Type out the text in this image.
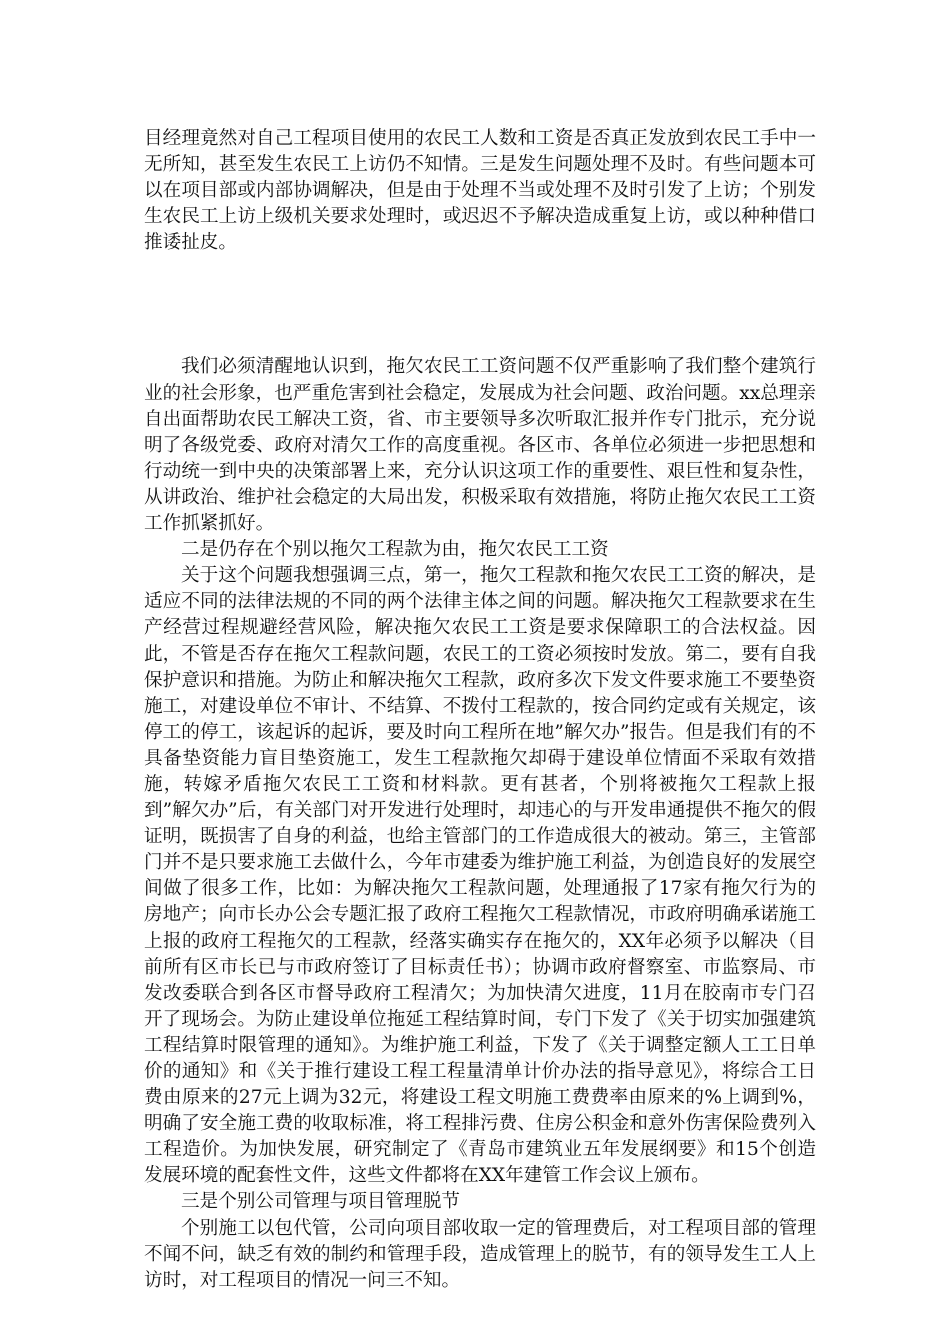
目经理竟然对自己工程项目使用的农民工人数和工资是否真正发放到农民工手中一无所知，甚至发生农民工上访仍不知情。三是发生问题处理不及时。有些问题本可以在项目部或内部协调解决，但是由于处理不当或处理不及时引发了上访；个别发生农民工上访上级机关要求处理时，或迟迟不予解决造成重复上访，或以种种借口推诿扯皮。

我们必须清醒地认识到，拖欠农民工工资问题不仅严重影响了我们整个建筑行业的社会形象，也严重危害到社会稳定，发展成为社会问题、政治问题。xx总理亲自出面帮助农民工解决工资，省、市主要领导多次听取汇报并作专门批示，充分说明了各级党委、政府对清欠工作的高度重视。各区市、各单位必须进一步把思想和行动统一到中央的决策部署上来，充分认识这项工作的重要性、艰巨性和复杂性，从讲政治、维护社会稳定的大局出发，积极采取有效措施，将防止拖欠农民工工资工作抓紧抓好。

二是仍存在个别以拖欠工程款为由，拖欠农民工工资

关于这个问题我想强调三点，第一，拖欠工程款和拖欠农民工工资的解决，是适应不同的法律法规的不同的两个法律主体之间的问题。解决拖欠工程款要求在生产经营过程规避经营风险，解决拖欠农民工工资是要求保障职工的合法权益。因此，不管是否存在拖欠工程款问题，农民工的工资必须按时发放。第二，要有自我保护意识和措施。为防止和解决拖欠工程款，政府多次下发文件要求施工不要垫资施工，对建设单位不审计、不结算、不拨付工程款的，按合同约定或有关规定，该停工的停工，该起诉的起诉，要及时向工程所在地”解欠办”报告。但是我们有的不具备垫资能力盲目垫资施工，发生工程款拖欠却碍于建设单位情面不采取有效措施，转嫁矛盾拖欠农民工工资和材料款。更有甚者，个别将被拖欠工程款上报到”解欠办”后，有关部门对开发进行处理时，却违心的与开发串通提供不拖欠的假证明，既损害了自身的利益，也给主管部门的工作造成很大的被动。第三，主管部门并不是只要求施工去做什么，今年市建委为维护施工利益，为创造良好的发展空间做了很多工作，比如：为解决拖欠工程款问题，处理通报了17家有拖欠行为的房地产；向市长办公会专题汇报了政府工程拖欠工程款情况，市政府明确承诺施工上报的政府工程拖欠的工程款，经落实确实存在拖欠的，XX年必须予以解决（目前所有区市长已与市政府签订了目标责任书）；协调市政府督察室、市监察局、市发改委联合到各区市督导政府工程清欠；为加快清欠进度，11月在胶南市专门召开了现场会。为防止建设单位拖延工程结算时间，专门下发了《关于切实加强建筑工程结算时限管理的通知》。为维护施工利益，下发了《关于调整定额人工工日单价的通知》和《关于推行建设工程工程量清单计价办法的指导意见》，将综合工日费由原来的27元上调为32元，将建设工程文明施工费费率由原来的%上调到%，明确了安全施工费的收取标准，将工程排污费、住房公积金和意外伤害保险费列入工程造价。为加快发展，研究制定了《青岛市建筑业五年发展纲要》和15个创造发展环境的配套性文件，这些文件都将在XX年建管工作会议上颁布。

三是个别公司管理与项目管理脱节

个别施工以包代管，公司向项目部收取一定的管理费后，对工程项目部的管理不闻不问，缺乏有效的制约和管理手段，造成管理上的脱节，有的领导发生工人上访时，对工程项目的情况一问三不知。
